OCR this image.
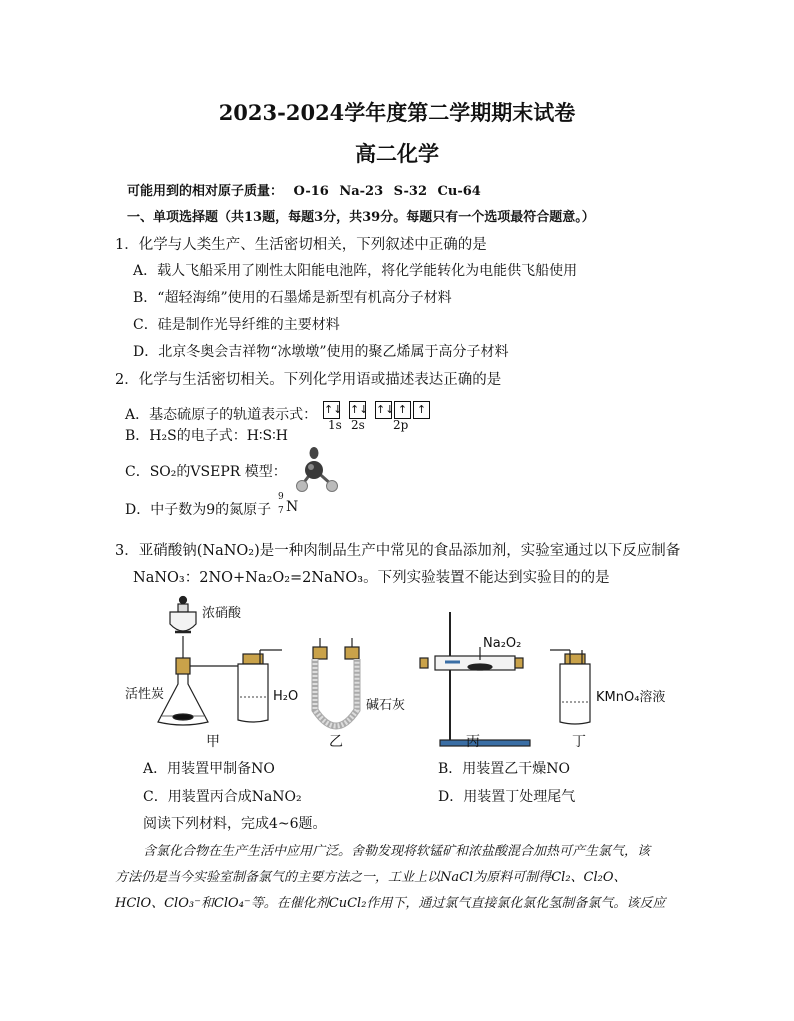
2023-2024学年度第二学期期末试卷
高二化学
可能用到的相对原子质量： O-16 Na-23 S-32 Cu-64
一、单项选择题（共13题，每题3分，共39分。每题只有一个选项最符合题意。）
1．化学与人类生产、生活密切相关，下列叙述中正确的是
A．载人飞船采用了刚性太阳能电池阵，将化学能转化为电能供飞船使用
B．“超轻海绵”使用的石墨烯是新型有机高分子材料
C．硅是制作光导纤维的主要材料
D．北京冬奥会吉祥物“冰墩墩”使用的聚乙烯属于高分子材料
2．化学与生活密切相关。下列化学用语或描述表达正确的是
A．基态硫原子的轨道表示式： ↑↓ ↑↓ ↑↓ ↑ ↑
1s 2s 2p
B．H₂S的电子式：H∶S∶H
C．SO₂的VSEPR 模型：
D．中子数为9的氮原子
9
7 N
3．亚硝酸钠(NaNO₂)是一种肉制品生产中常见的食品添加剂，实验室通过以下反应制备
NaNO₃：2NO+Na₂O₂=2NaNO₃。下列实验装置不能达到实验目的的是
浓硝酸
活性炭	H₂O
碱石灰
Na₂O₂
KMnO₄溶液
甲	乙	丙	丁
A．用装置甲制备NO	B．用装置乙干燥NO
C．用装置丙合成NaNO₂	D．用装置丁处理尾气
阅读下列材料，完成4~6题。
含氯化合物在生产生活中应用广泛。舍勒发现将软锰矿和浓盐酸混合加热可产生氯气，该
方法仍是当今实验室制备氯气的主要方法之一，工业上以NaCl为原料可制得Cl₂、Cl₂O、
HClO、ClO₃⁻和ClO₄⁻等。在催化剂CuCl₂作用下，通过氯气直接氯化氯化氢制备氯气。该反应
